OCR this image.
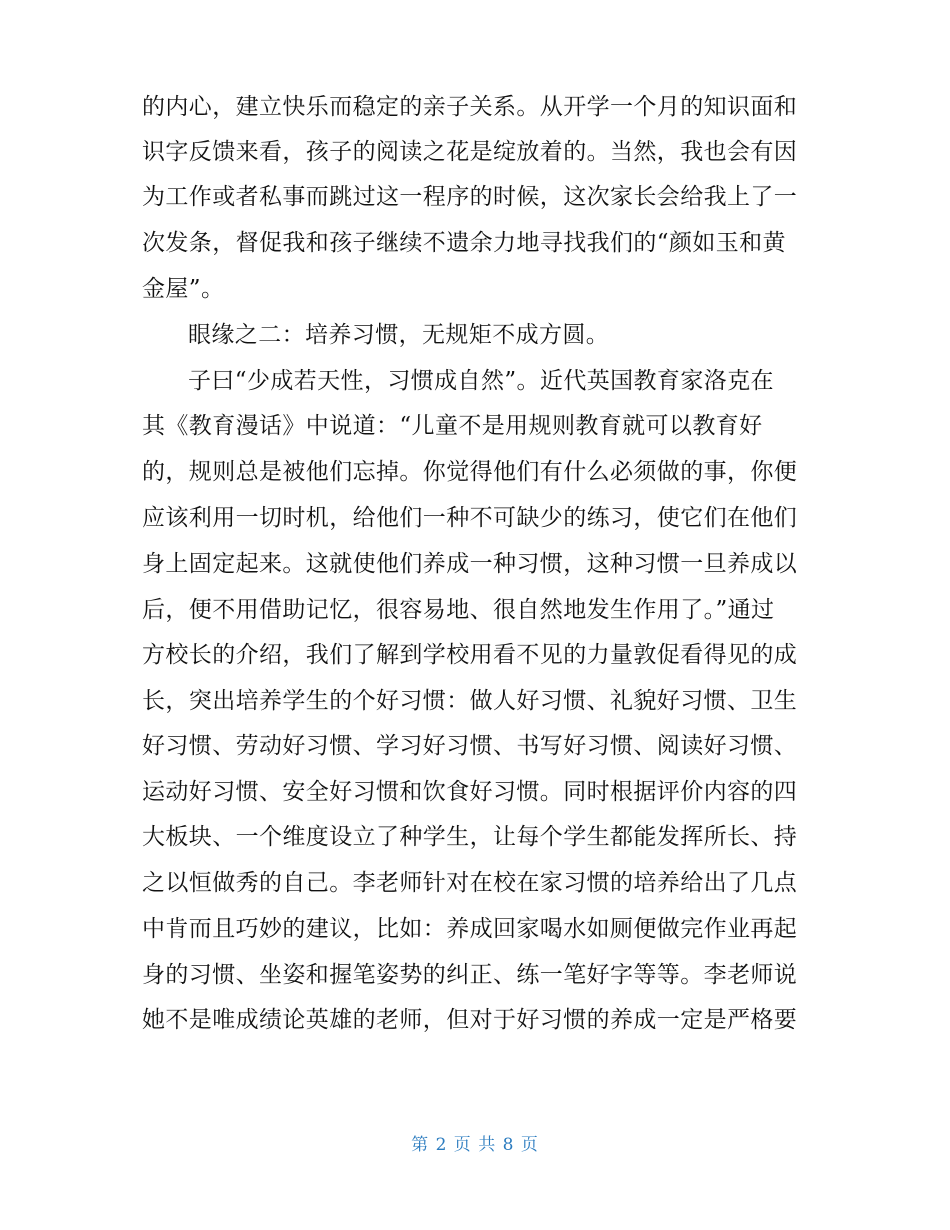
的内心，建立快乐而稳定的亲子关系。从开学一个月的知识面和
识字反馈来看，孩子的阅读之花是绽放着的。当然，我也会有因
为工作或者私事而跳过这一程序的时候，这次家长会给我上了一
次发条，督促我和孩子继续不遗余力地寻找我们的“颜如玉和黄
金屋”。
眼缘之二：培养习惯，无规矩不成方圆。
子曰“少成若天性，习惯成自然”。近代英国教育家洛克在
其《教育漫话》中说道：“儿童不是用规则教育就可以教育好
的，规则总是被他们忘掉。你觉得他们有什么必须做的事，你便
应该利用一切时机，给他们一种不可缺少的练习，使它们在他们
身上固定起来。这就使他们养成一种习惯，这种习惯一旦养成以
后，便不用借助记忆，很容易地、很自然地发生作用了。”通过
方校长的介绍，我们了解到学校用看不见的力量敦促看得见的成
长，突出培养学生的个好习惯：做人好习惯、礼貌好习惯、卫生
好习惯、劳动好习惯、学习好习惯、书写好习惯、阅读好习惯、
运动好习惯、安全好习惯和饮食好习惯。同时根据评价内容的四
大板块、一个维度设立了种学生，让每个学生都能发挥所长、持
之以恒做秀的自己。李老师针对在校在家习惯的培养给出了几点
中肯而且巧妙的建议，比如：养成回家喝水如厕便做完作业再起
身的习惯、坐姿和握笔姿势的纠正、练一笔好字等等。李老师说
她不是唯成绩论英雄的老师，但对于好习惯的养成一定是严格要
第 2 页 共 8 页
